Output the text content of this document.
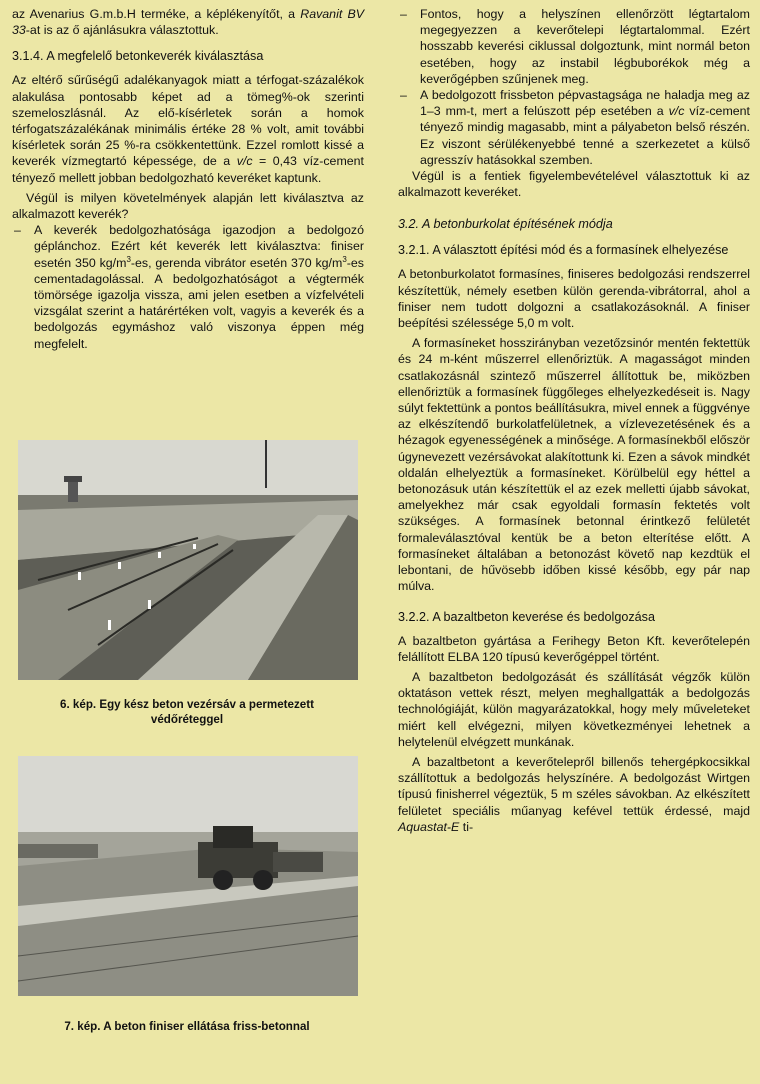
az Avenarius G.m.b.H terméke, a képlékenyítőt, a Ravanit BV 33-at is az ő ajánlásukra választottuk.

3.1.4. A megfelelő betonkeverék kiválasztása

Az eltérő sűrűségű adalékanyagok miatt a térfogat-százalékok alakulása pontosabb képet ad a tömeg%-ok szerinti szemeloszlásnál. Az elő-kísérletek során a homok térfogatszázalékának minimális értéke 28 % volt, amit további kísérletek során 25 %-ra csökkentettünk. Ezzel romlott kissé a keverék vízmegtartó képessége, de a v/c = 0,43 víz-cement tényező mellett jobban bedolgozható keveréket kaptunk.

Végül is milyen követelmények alapján lett kiválasztva az alkalmazott keverék?

– A keverék bedolgozhatósága igazodjon a bedolgozó géplánchoz. Ezért két keverék lett kiválasztva: finiser esetén 350 $kg/m^3-es$, gerenda vibrátor esetén 370 $kg/m^3-es$ cementadagolással. A bedolgozhatóságot a végtermék tömörsége igazolja vissza, ami jelen esetben a vízfelvételi vizsgálat szerint a határértéken volt, vagyis a keverék és a bedolgozás egymáshoz való viszonya éppen még megfelelt.
6. kép. Egy kész beton vezérsáv a permetezett védőréteggel
7. kép. A beton finiser ellátása friss-betonnal
– Fontos, hogy a helyszínen ellenőrzött légtartalom megegyezzen a keverőtelepi légtartalommal. Ezért hosszabb keverési ciklussal dolgoztunk, mint normál beton esetében, hogy az instabil légbuborékok még a keverőgépben szűnjenek meg.
– A bedolgozott frissbeton pépvastagsága ne haladja meg az 1–3 mm-t, mert a felúszott pép esetében a v/c víz-cement tényező mindig magasabb, mint a pályabeton belső részén. Ez viszont sérülékenyebbé tenné a szerkezetet a külső agresszív hatásokkal szemben.

Végül is a fentiek figyelembevételével választottuk ki az alkalmazott keveréket.

3.2. A betonburkolat építésének módja
3.2.1. A választott építési mód és a formasínek elhelyezése

A betonburkolatot formasínes, finiseres bedolgozási rendszerrel készítettük, némely esetben külön gerenda-vibrátorral, ahol a finiser nem tudott dolgozni a csatlakozásoknál. A finiser beépítési szélessége 5,0 m volt.

A formasíneket hosszirányban vezetőzsinór mentén fektettük és 24 m-ként műszerrel ellenőriztük. A magasságot minden csatlakozásnál szintező műszerrel állítottuk be, miközben ellenőriztük a formasínek függőleges elhelyezkedéseit is. Nagy súlyt fektettünk a pontos beállításukra, mivel ennek a függvénye az elkészítendő burkolatfelületnek, a vízlevezetésének és a hézagok egyenességének a minősége. A formasínekből először úgynevezett vezérsávokat alakítottunk ki. Ezen a sávok mindkét oldalán elhelyeztük a formasíneket. Körülbelül egy héttel a betonozásuk után készítettük el az ezek melletti újabb sávokat, amelyekhez már csak egyoldali formasín fektetés volt szükséges. A formasínek betonnal érintkező felületét formaleválasztóval kentük be a beton elterítése előtt. A formasíneket általában a betonozást követő nap kezdtük el lebontani, de hűvösebb időben kissé később, egy pár nap múlva.

3.2.2. A bazaltbeton keverése és bedolgozása

A bazaltbeton gyártása a Ferihegy Beton Kft. keverőtelepén felállított ELBA 120 típusú keverőgéppel történt.

A bazaltbeton bedolgozását és szállítását végzők külön oktatáson vettek részt, melyen meghallgatták a bedolgozás technológiáját, külön magyarázatokkal, hogy mely műveleteket miért kell elvégezni, milyen következményei lehetnek a helytelenül elvégzett munkának.

A bazaltbetont a keverőtelepről billenős tehergépkocsikkal szállítottuk a bedolgozás helyszínére. A bedolgozást Wirtgen típusú finisherrel végeztük, 5 m széles sávokban. Az elkészített felületet speciális műanyag kefével tettük érdessé, majd Aquastat-E ti-
